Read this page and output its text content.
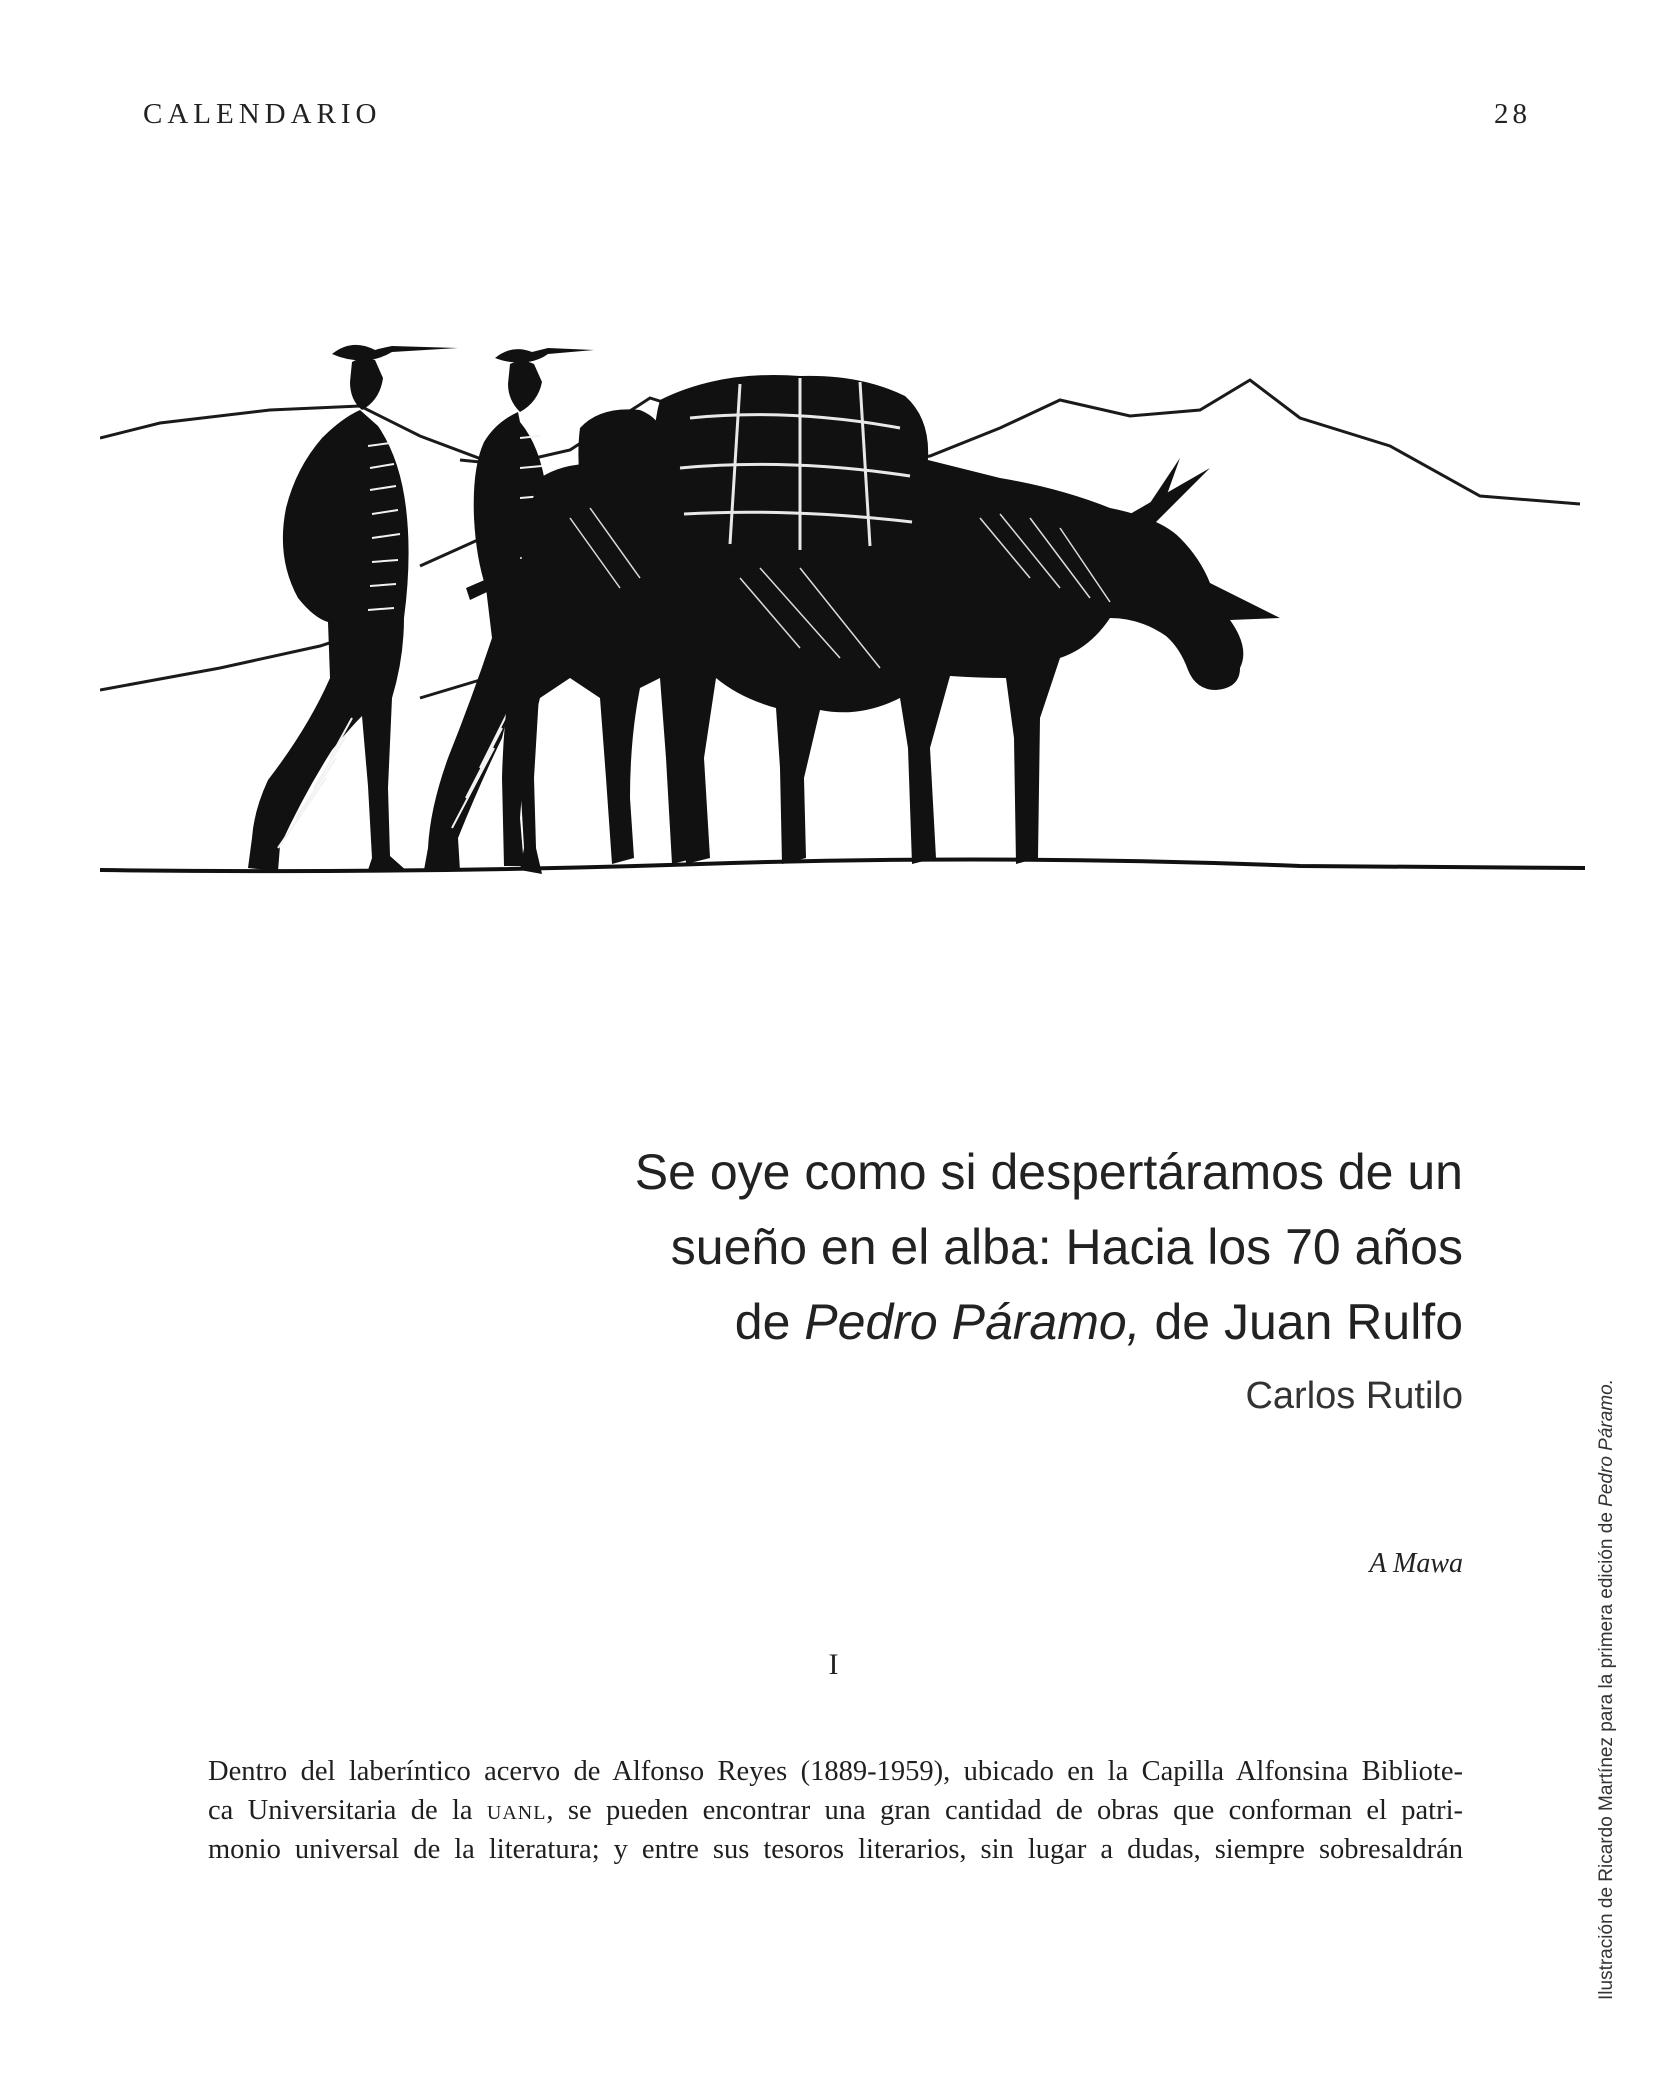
CALENDARIO	28

Se oye como si despertáramos de un

sueño en el alba: Hacia los 70 años

de Pedro Páramo, de Juan Rulfo

Carlos Rutilo
A Mawa
I
Dentro del laberíntico acervo de Alfonso Reyes (1889-1959), ubicado en la Capilla Alfonsina Bibliote-
ca Universitaria de la uanl, se pueden encontrar una gran cantidad de obras que conforman el patri-
monio universal de la literatura; y entre sus tesoros literarios, sin lugar a dudas, siempre sobresaldrán	Ilustración de Ricardo Martínez para la primera edición de Pedro Páramo.
